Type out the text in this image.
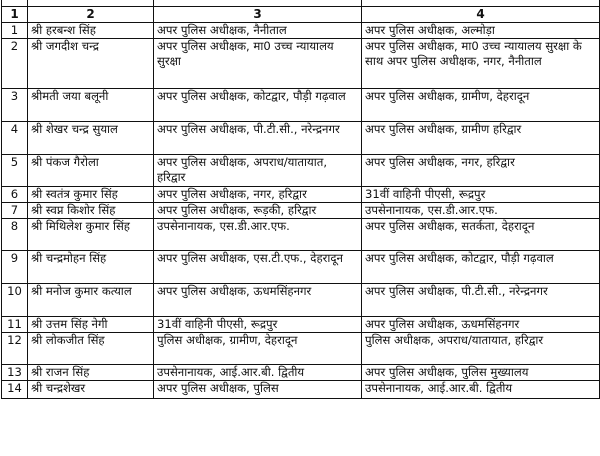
1	2	3	4
1	श्री हरबन्श सिंह	अपर पुलिस अधीक्षक, नैनीताल	अपर पुलिस अधीक्षक, अल्मोड़ा
2	श्री जगदीश चन्द्र	अपर पुलिस अधीक्षक, मा0 उच्च न्यायालय सुरक्षा	अपर पुलिस अधीक्षक, मा0 उच्च न्यायालय सुरक्षा के साथ अपर पुलिस अधीक्षक, नगर, नैनीताल
3	श्रीमती जया बलूनी	अपर पुलिस अधीक्षक, कोटद्वार, पौड़ी गढ़वाल	अपर पुलिस अधीक्षक, ग्रामीण, देहरादून
4	श्री शेखर चन्द्र सुयाल	अपर पुलिस अधीक्षक, पी.टी.सी., नरेन्द्रनगर	अपर पुलिस अधीक्षक, ग्रामीण हरिद्वार
5	श्री पंकज गैरोला	अपर पुलिस अधीक्षक, अपराध/यातायात, हरिद्वार	अपर पुलिस अधीक्षक, नगर, हरिद्वार
6	श्री स्वतंत्र कुमार सिंह	अपर पुलिस अधीक्षक, नगर, हरिद्वार	31वीं वाहिनी पीएसी, रूद्रपुर
7	श्री स्वप्न किशोर सिंह	अपर पुलिस अधीक्षक, रूड़की, हरिद्वार	उपसेनानायक, एस.डी.आर.एफ.
8	श्री मिथिलेश कुमार सिंह	उपसेनानायक, एस.डी.आर.एफ.	अपर पुलिस अधीक्षक, सतर्कता, देहरादून
9	श्री चन्द्रमोहन सिंह	अपर पुलिस अधीक्षक, एस.टी.एफ., देहरादून	अपर पुलिस अधीक्षक, कोटद्वार, पौड़ी गढ़वाल
10	श्री मनोज कुमार कत्याल	अपर पुलिस अधीक्षक, ऊधमसिंहनगर	अपर पुलिस अधीक्षक, पी.टी.सी., नरेन्द्रनगर
11	श्री उत्तम सिंह नेगी	31वीं वाहिनी पीएसी, रूद्रपुर	अपर पुलिस अधीक्षक, ऊधमसिंहनगर
12	श्री लोकजीत सिंह	पुलिस अधीक्षक, ग्रामीण, देहरादून	पुलिस अधीक्षक, अपराध/यातायात, हरिद्वार
13	श्री राजन सिंह	उपसेनानायक, आई.आर.बी. द्वितीय	अपर पुलिस अधीक्षक, पुलिस मुख्यालय
14	श्री चन्द्रशेखर	अपर पुलिस अधीक्षक, पुलिस	उपसेनानायक, आई.आर.बी. द्वितीय
